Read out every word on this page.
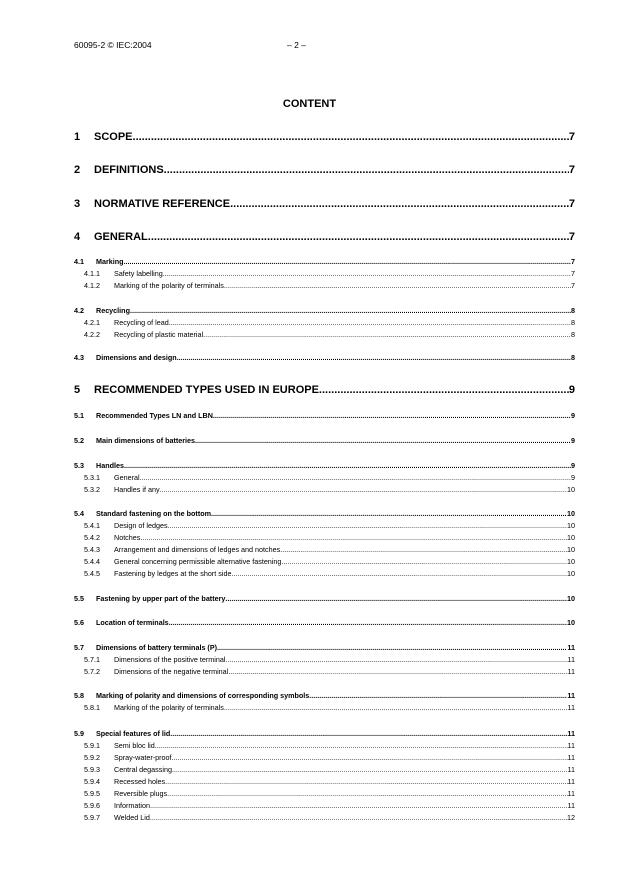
60095-2 © IEC:2004	– 2 –
CONTENT
1	SCOPE .....	7
2	DEFINITIONS .....	7
3	NORMATIVE REFERENCE .....	7
4	GENERAL .....	7
4.1	Marking .....	7
4.1.1	Safety labelling .....	7
4.1.2	Marking of the polarity of terminals .....	7
4.2	Recycling .....	8
4.2.1	Recycling of lead .....	8
4.2.2	Recycling of plastic material .....	8
4.3	Dimensions and design .....	8
5	RECOMMENDED TYPES USED IN EUROPE .....	9
5.1	Recommended Types LN and LBN .....	9
5.2	Main dimensions of batteries .....	9
5.3	Handles .....	9
5.3.1	General .....	9
5.3.2	Handles if any .....	10
5.4	Standard fastening on the bottom .....	10
5.4.1	Design of ledges .....	10
5.4.2	Notches .....	10
5.4.3	Arrangement and dimensions of ledges and notches .....	10
5.4.4	General concerning permissible alternative fastening .....	10
5.4.5	Fastening by ledges at the short side .....	10
5.5	Fastening by upper part of the battery .....	10
5.6	Location of terminals .....	10
5.7	Dimensions of battery terminals (P) .....	11
5.7.1	Dimensions of the positive terminal .....	11
5.7.2	Dimensions of the negative terminal .....	11
5.8	Marking of polarity and dimensions of corresponding symbols .....	11
5.8.1	Marking of the polarity of terminals .....	11
5.9	Special features of lid .....	11
5.9.1	Semi bloc lid .....	11
5.9.2	Spray-water-proof .....	11
5.9.3	Central degassing .....	11
5.9.4	Recessed holes .....	11
5.9.5	Reversible plugs .....	11
5.9.6	Information .....	11
5.9.7	Welded Lid .....	12
